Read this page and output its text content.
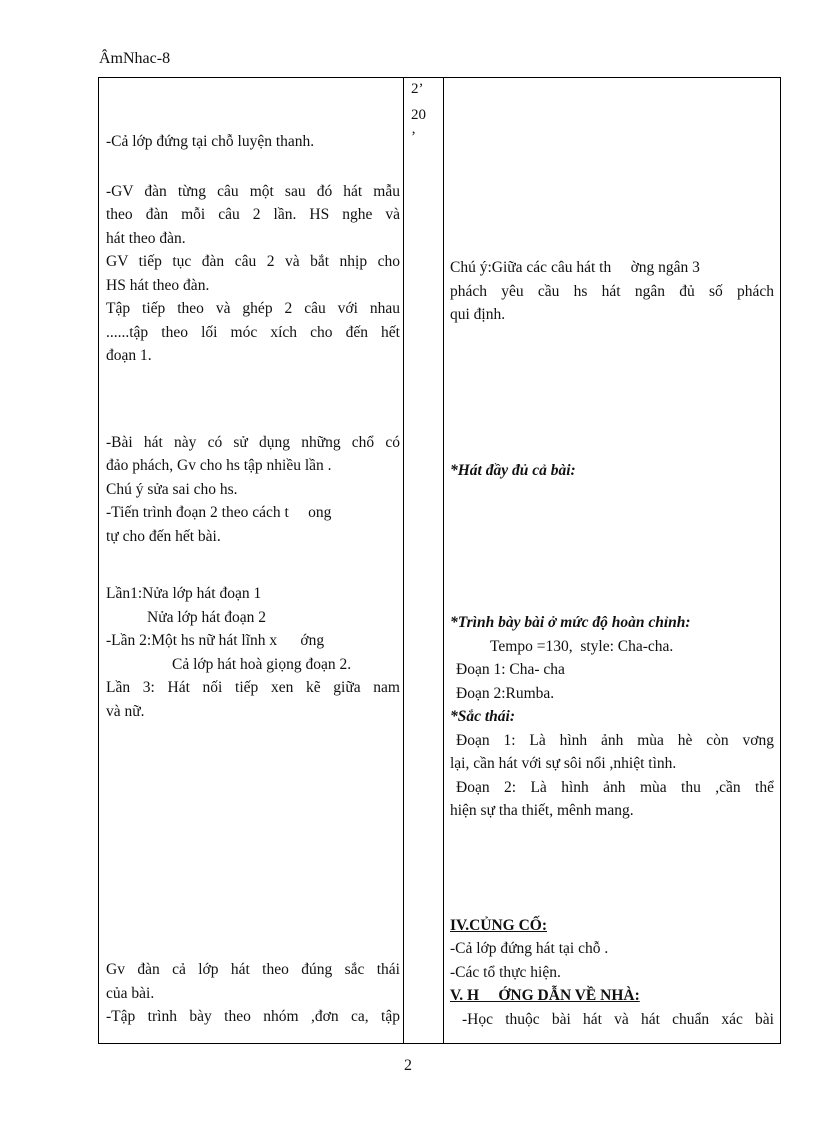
ÂmNhac-8
-Cả lớp đứng tại chỗ luyện thanh.
-GV đàn từng câu một sau đó hát mẫu
theo đàn mỗi câu 2 lần. HS nghe và
hát theo đàn.
GV tiếp tục đàn câu 2 và bắt nhịp cho
HS hát theo đàn.
Tập tiếp theo và ghép 2 câu với nhau
......tập theo lối móc xích cho đến hết
đoạn 1.
-Bài hát này có sử dụng những chổ có
đảo phách, Gv cho hs tập nhiều lần .
Chú ý sửa sai cho hs.
-Tiến trình đoạn 2 theo cách t     ong
tự cho đến hết bài.
Lần1:Nửa lớp hát đoạn 1
Nửa lớp hát đoạn 2
-Lần 2:Một hs nữ hát lĩnh x      ớng
Cả lớp hát hoà giọng đoạn 2.
Lần 3: Hát nối tiếp xen kẽ giữa nam
và nữ.
Gv đàn cả lớp hát theo đúng sắc thái
của bài.
-Tập trình bày theo nhóm ,đơn ca, tập
2’
20
’
Chú ý:Giữa các câu hát th     ờng ngân 3
phách yêu cầu hs hát ngân đủ số phách
qui định.
*Hát đầy đủ cả bài:
*Trình bày bài ở mức độ hoàn chỉnh:
Tempo =130,  style: Cha-cha.
Đoạn 1: Cha- cha
Đoạn 2:Rumba.
*Sắc thái:
Đoạn 1: Là hình ảnh mùa hè còn vơng
lại, cần hát với sự sôi nổi ,nhiệt tình.
Đoạn 2: Là hình ảnh mùa thu ,cần thể
hiện sự tha thiết, mênh mang.
IV.CỦNG CỐ:
-Cả lớp đứng hát tại chỗ .
-Các tổ thực hiện.
V. H     ỚNG DẪN VỀ NHÀ:
-Học thuộc bài hát và hát chuẩn xác bài
2
